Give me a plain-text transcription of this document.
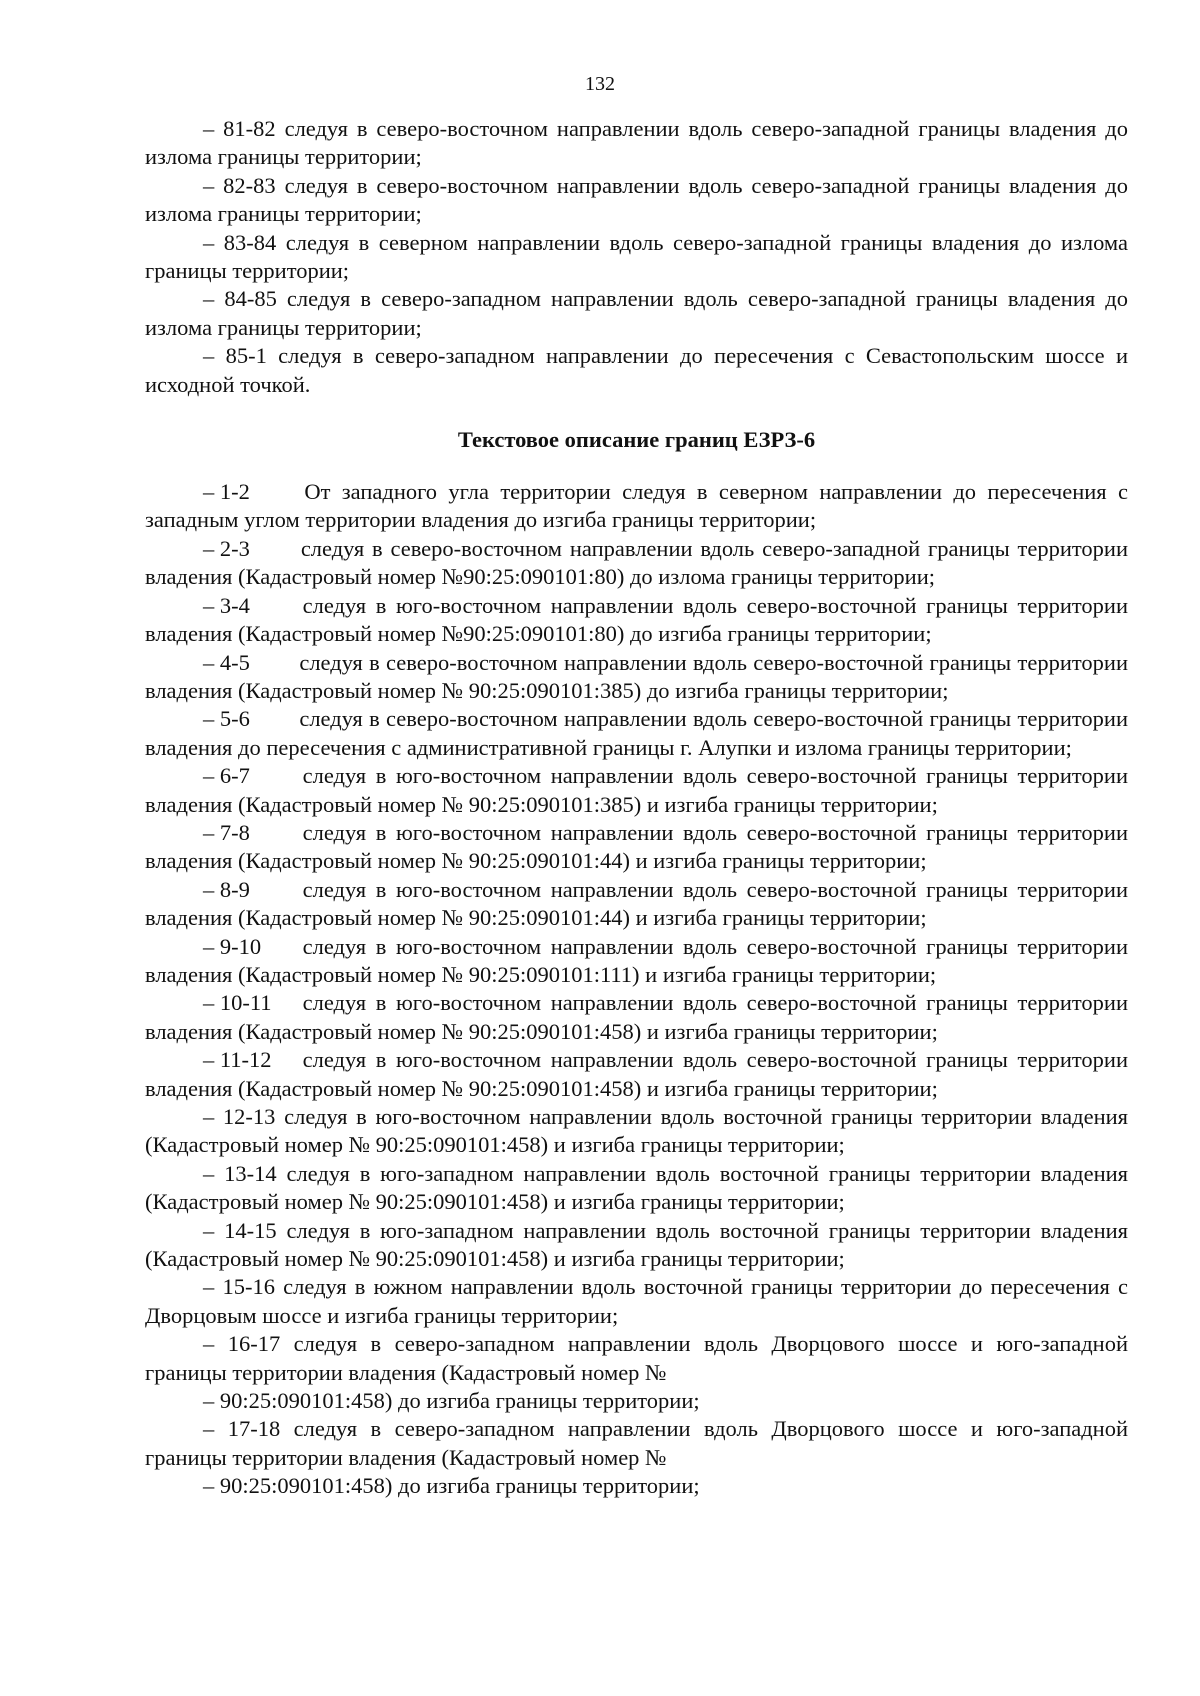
132

– 81-82 следуя в северо-восточном направлении вдоль северо-западной границы владения до излома границы территории;

– 82-83 следуя в северо-восточном направлении вдоль северо-западной границы владения до излома границы территории;

– 83-84 следуя в северном направлении вдоль северо-западной границы владения до излома границы территории;

– 84-85 следуя в северо-западном направлении вдоль северо-западной границы владения до излома границы территории;

– 85-1 следуя в северо-западном направлении до пересечения с Севастопольским шоссе и исходной точкой.

Текстовое описание границ ЕЗРЗ-6

– 1-2 От западного угла территории следуя в северном направлении до пересечения с западным углом территории владения до изгиба границы территории;

– 2-3 следуя в северо-восточном направлении вдоль северо-западной границы территории владения (Кадастровый номер №90:25:090101:80) до излома границы территории;

– 3-4 следуя в юго-восточном направлении вдоль северо-восточной границы территории владения (Кадастровый номер №90:25:090101:80) до изгиба границы территории;

– 4-5 следуя в северо-восточном направлении вдоль северо-восточной границы территории владения (Кадастровый номер № 90:25:090101:385) до изгиба границы территории;

– 5-6 следуя в северо-восточном направлении вдоль северо-восточной границы территории владения до пересечения с административной границы г. Алупки и излома границы территории;

– 6-7 следуя в юго-восточном направлении вдоль северо-восточной границы территории владения (Кадастровый номер № 90:25:090101:385) и изгиба границы территории;

– 7-8 следуя в юго-восточном направлении вдоль северо-восточной границы территории владения (Кадастровый номер № 90:25:090101:44) и изгиба границы территории;

– 8-9 следуя в юго-восточном направлении вдоль северо-восточной границы территории владения (Кадастровый номер № 90:25:090101:44) и изгиба границы территории;

– 9-10 следуя в юго-восточном направлении вдоль северо-восточной границы территории владения (Кадастровый номер № 90:25:090101:111) и изгиба границы территории;

– 10-11 следуя в юго-восточном направлении вдоль северо-восточной границы территории владения (Кадастровый номер № 90:25:090101:458) и изгиба границы территории;

– 11-12 следуя в юго-восточном направлении вдоль северо-восточной границы территории владения (Кадастровый номер № 90:25:090101:458) и изгиба границы территории;

– 12-13 следуя в юго-восточном направлении вдоль восточной границы территории владения (Кадастровый номер № 90:25:090101:458) и изгиба границы территории;

– 13-14 следуя в юго-западном направлении вдоль восточной границы территории владения (Кадастровый номер № 90:25:090101:458) и изгиба границы территории;

– 14-15 следуя в юго-западном направлении вдоль восточной границы территории владения (Кадастровый номер № 90:25:090101:458) и изгиба границы территории;

– 15-16 следуя в южном направлении вдоль восточной границы территории до пересечения с Дворцовым шоссе и изгиба границы территории;

– 16-17 следуя в северо-западном направлении вдоль Дворцового шоссе и юго-западной границы территории владения (Кадастровый номер №

– 90:25:090101:458) до изгиба границы территории;

– 17-18 следуя в северо-западном направлении вдоль Дворцового шоссе и юго-западной границы территории владения (Кадастровый номер №

– 90:25:090101:458) до изгиба границы территории;
